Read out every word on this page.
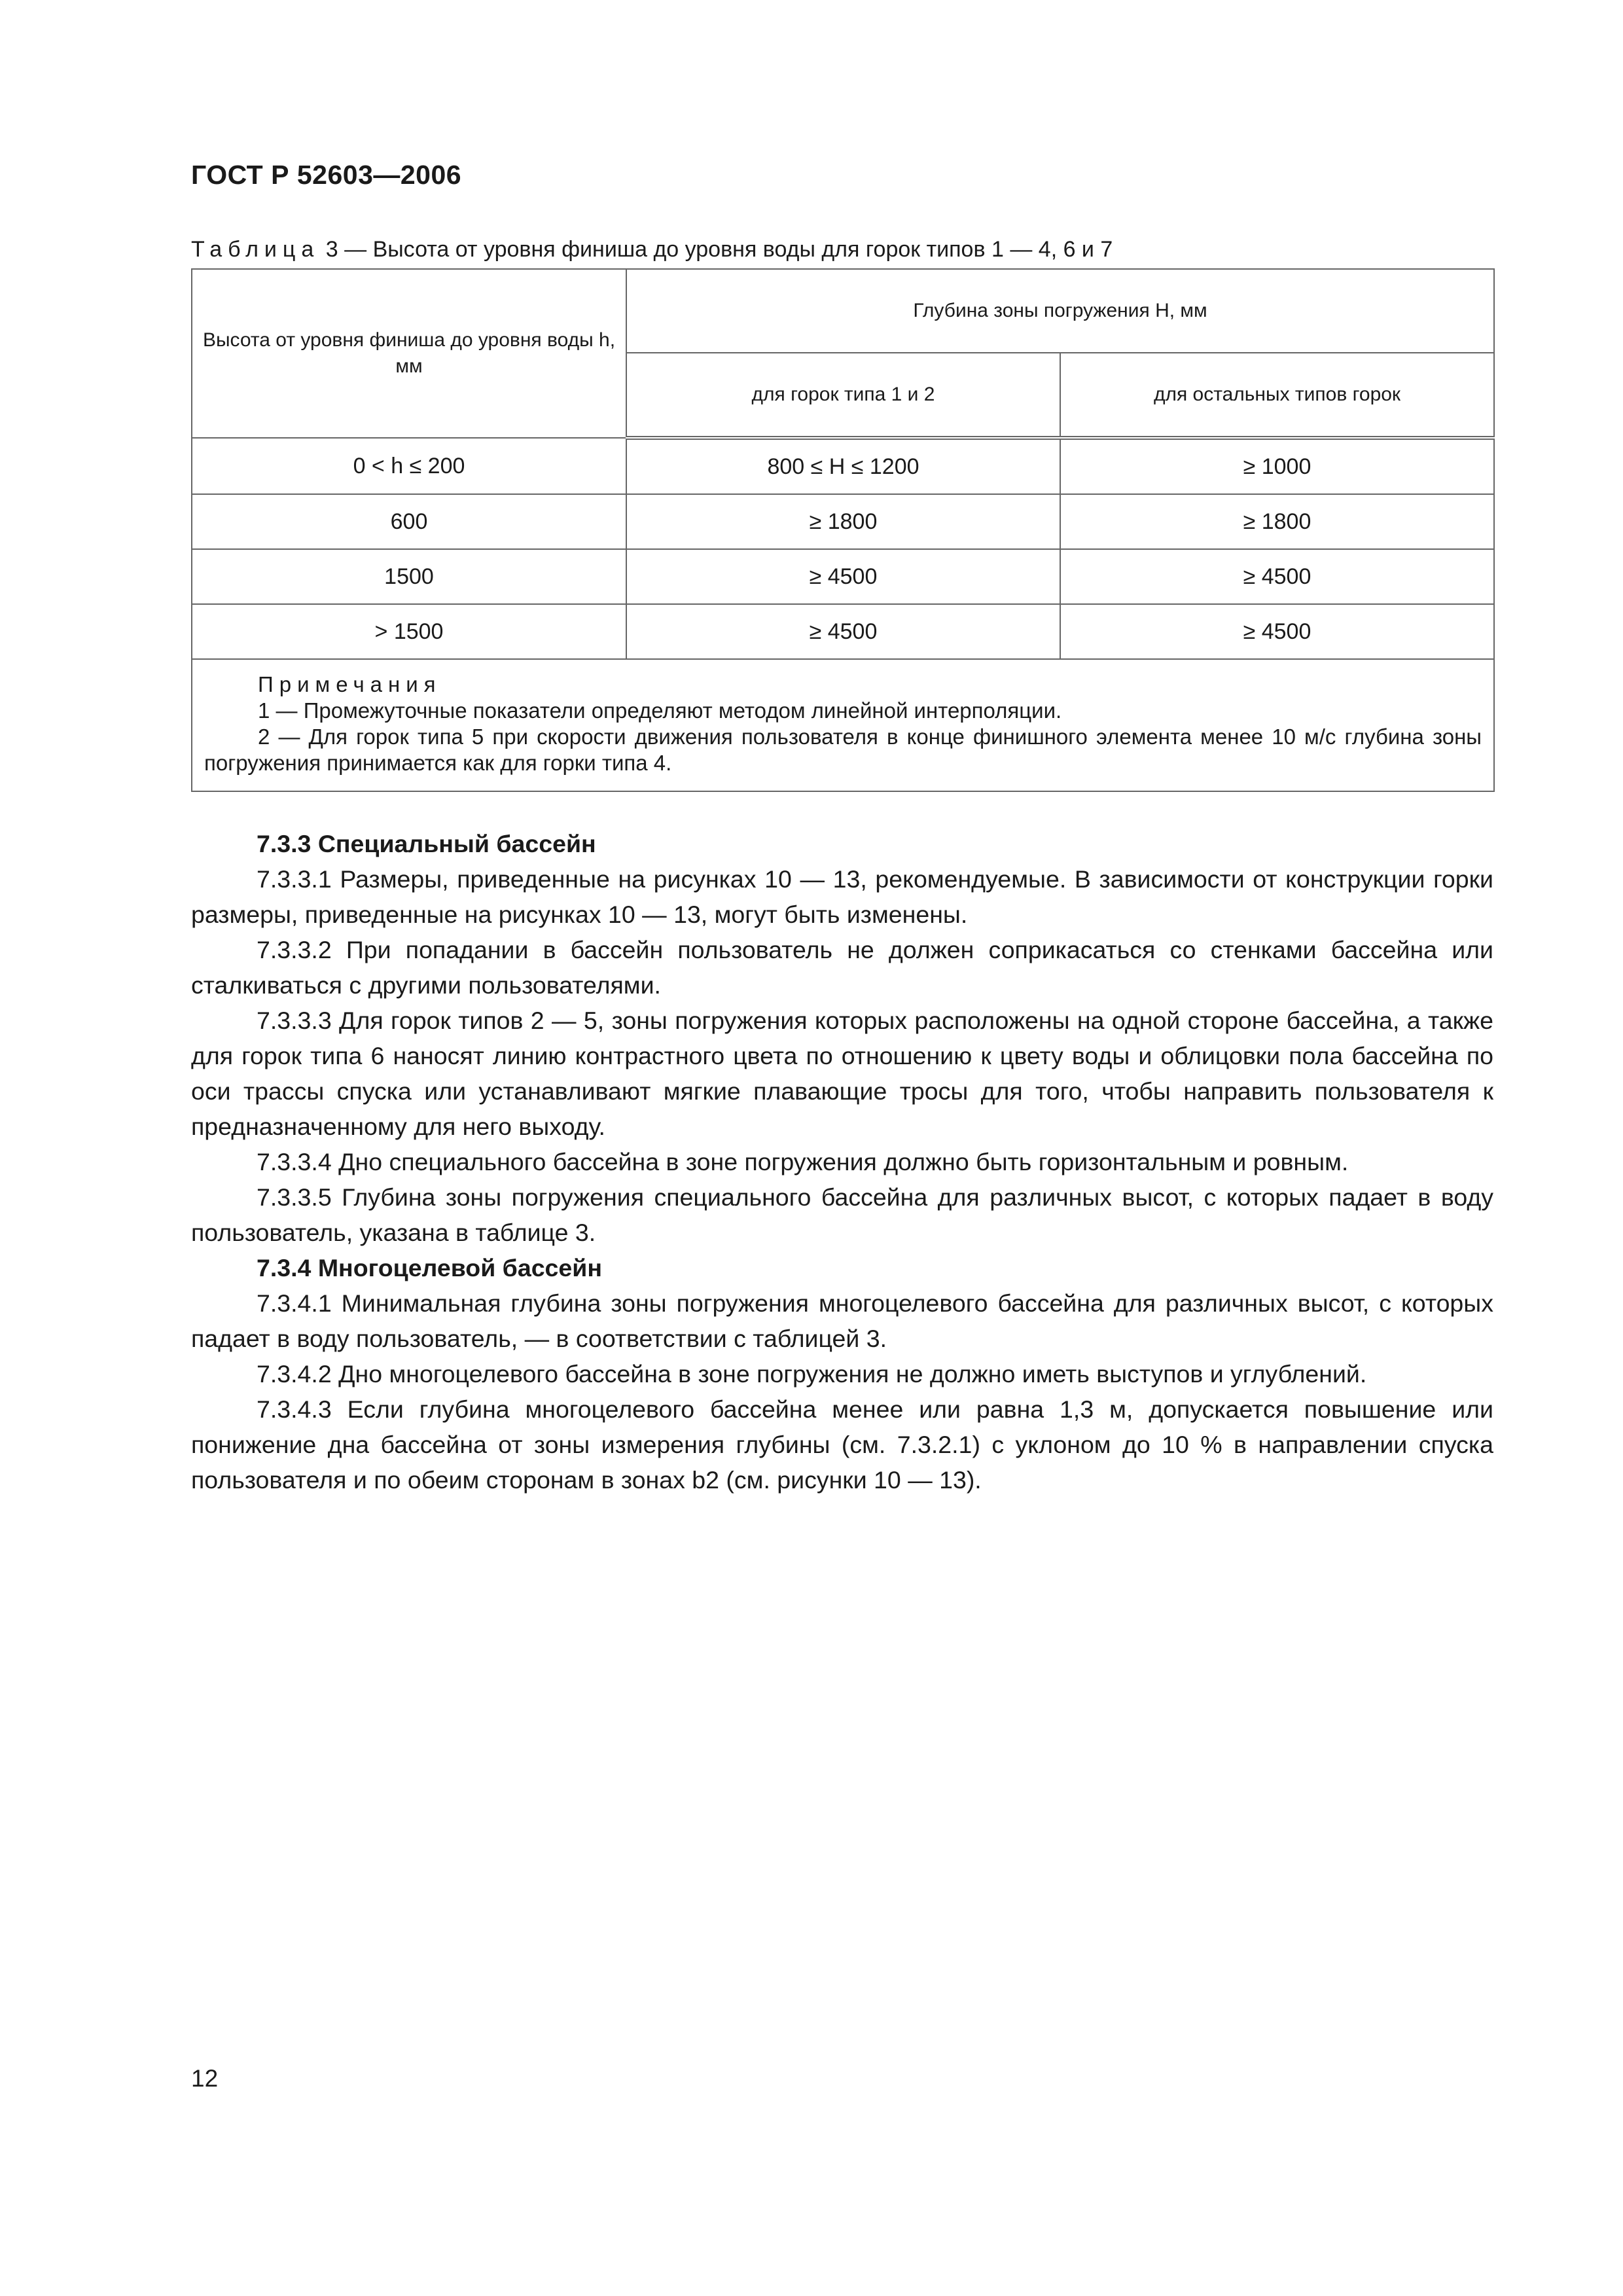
ГОСТ Р 52603—2006
Таблица 3 — Высота от уровня финиша до уровня воды для горок типов 1 — 4, 6 и 7
Высота от уровня финиша до уровня воды h, мм	Глубина зоны погружения H, мм	
	для горок типа 1 и 2	для остальных типов горок
0 < h ≤ 200	800 ≤ H ≤ 1200	≥ 1000
600	≥ 1800	≥ 1800
1500	≥ 4500	≥ 4500
> 1500	≥ 4500	≥ 4500

Примечания
1 — Промежуточные показатели определяют методом линейной интерполяции.
2 — Для горок типа 5 при скорости движения пользователя в конце финишного элемента менее 10 м/с глубина зоны погружения принимается как для горки типа 4.		
7.3.3 Специальный бассейн

7.3.3.1 Размеры, приведенные на рисунках 10 — 13, рекомендуемые. В зависимости от конструкции горки размеры, приведенные на рисунках 10 — 13, могут быть изменены.

7.3.3.2 При попадании в бассейн пользователь не должен соприкасаться со стенками бассейна или сталкиваться с другими пользователями.

7.3.3.3 Для горок типов 2 — 5, зоны погружения которых расположены на одной стороне бассейна, а также для горок типа 6 наносят линию контрастного цвета по отношению к цвету воды и облицовки пола бассейна по оси трассы спуска или устанавливают мягкие плавающие тросы для того, чтобы направить пользователя к предназначенному для него выходу.

7.3.3.4 Дно специального бассейна в зоне погружения должно быть горизонтальным и ровным.

7.3.3.5 Глубина зоны погружения специального бассейна для различных высот, с которых падает в воду пользователь, указана в таблице 3.

7.3.4 Многоцелевой бассейн

7.3.4.1 Минимальная глубина зоны погружения многоцелевого бассейна для различных высот, с которых падает в воду пользователь, — в соответствии с таблицей 3.

7.3.4.2 Дно многоцелевого бассейна в зоне погружения не должно иметь выступов и углублений.

7.3.4.3 Если глубина многоцелевого бассейна менее или равна 1,3 м, допускается повышение или понижение дна бассейна от зоны измерения глубины (см. 7.3.2.1) с уклоном до 10 % в направлении спуска пользователя и по обеим сторонам в зонах b2 (см. рисунки 10 — 13).

12
